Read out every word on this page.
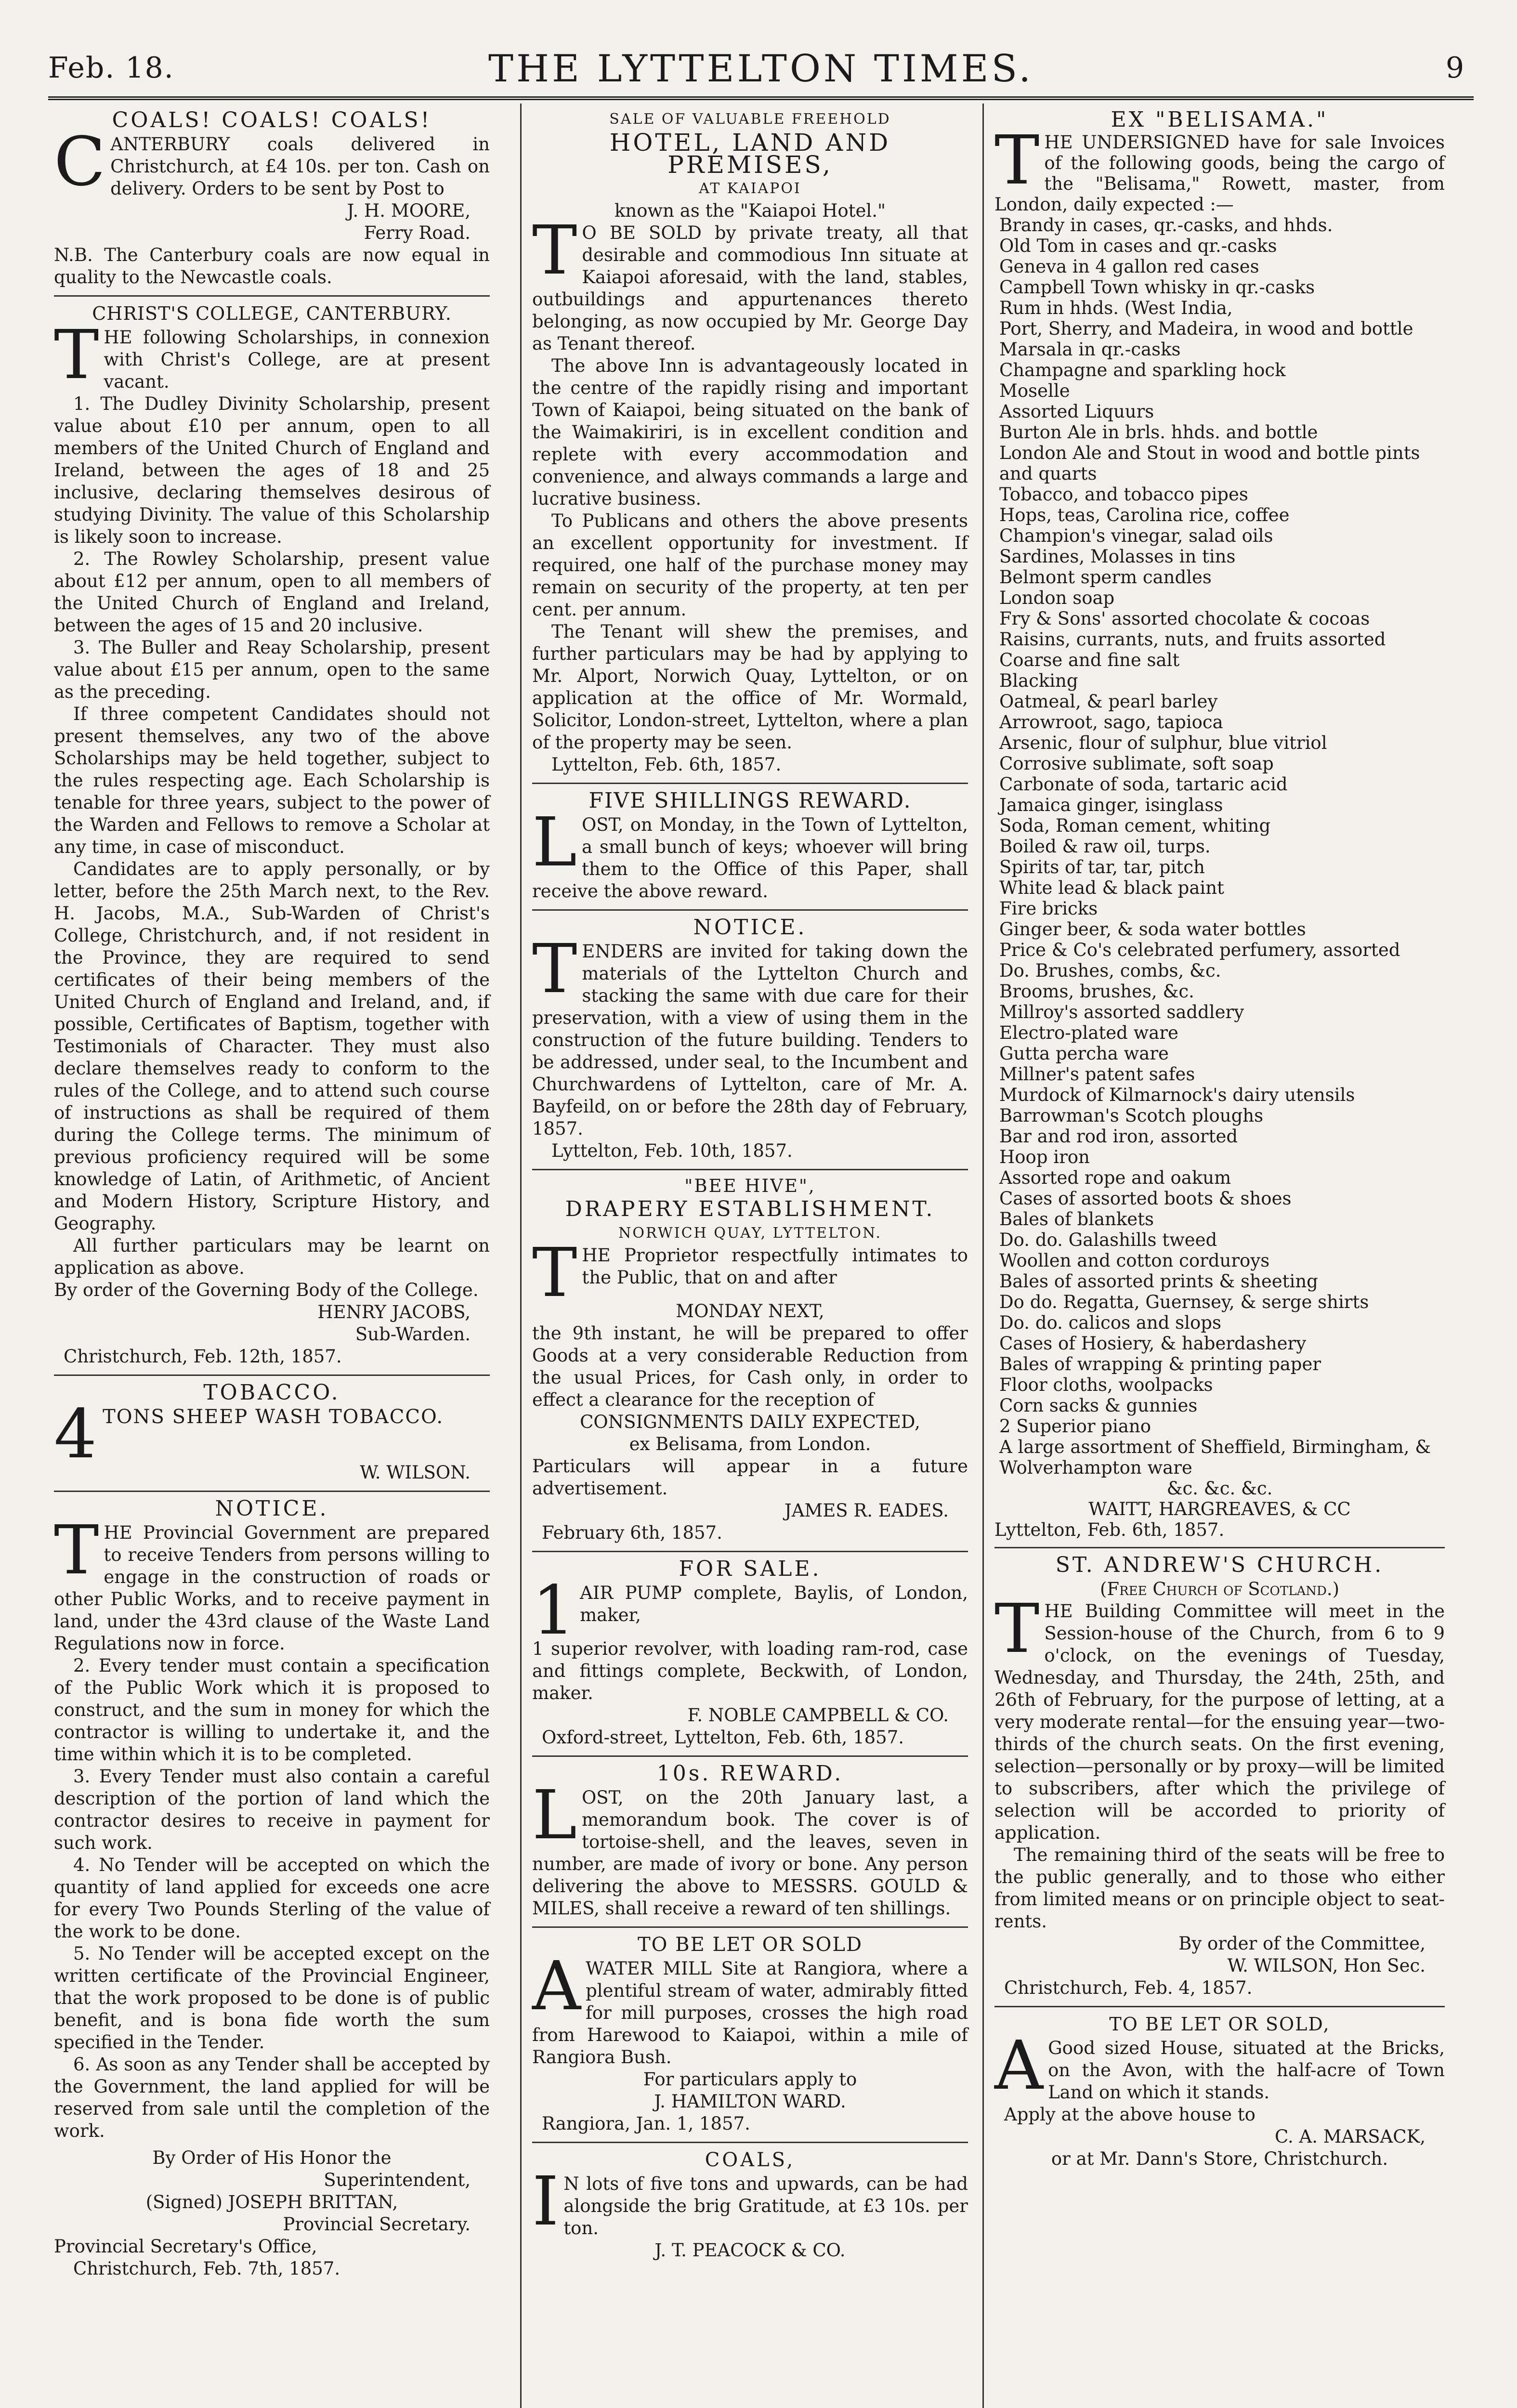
Feb. 18.	THE LYTTELTON TIMES.	9
COALS! COALS! COALS!

CANTERBURY coals delivered in Christchurch, at £4 10s. per ton. Cash on delivery. Orders to be sent by Post to

J. H. MOORE,
Ferry Road.

N.B. The Canterbury coals are now equal in quality to the Newcastle coals.

CHRIST'S COLLEGE, CANTERBURY.

THE following Scholarships, in connexion with Christ's College, are at present vacant.

1. The Dudley Divinity Scholarship, present value about £10 per annum, open to all members of the United Church of England and Ireland, between the ages of 18 and 25 inclusive, declaring themselves desirous of studying Divinity. The value of this Scholarship is likely soon to increase.

2. The Rowley Scholarship, present value about £12 per annum, open to all members of the United Church of England and Ireland, between the ages of 15 and 20 inclusive.

3. The Buller and Reay Scholarship, present value about £15 per annum, open to the same as the preceding.

If three competent Candidates should not present themselves, any two of the above Scholarships may be held together, subject to the rules respecting age. Each Scholarship is tenable for three years, subject to the power of the Warden and Fellows to remove a Scholar at any time, in case of misconduct.

Candidates are to apply personally, or by letter, before the 25th March next, to the Rev. H. Jacobs, M.A., Sub-Warden of Christ's College, Christchurch, and, if not resident in the Province, they are required to send certificates of their being members of the United Church of England and Ireland, and, if possible, Certificates of Baptism, together with Testimonials of Character. They must also declare themselves ready to conform to the rules of the College, and to attend such course of instructions as shall be required of them during the College terms. The minimum of previous proficiency required will be some knowledge of Latin, of Arithmetic, of Ancient and Modern History, Scripture History, and Geography.

All further particulars may be learnt on application as above.

By order of the Governing Body of the College.

HENRY JACOBS,
Sub-Warden.
Christchurch, Feb. 12th, 1857.
TOBACCO.

4TONS SHEEP WASH TOBACCO.

W. WILSON.
NOTICE.

THE Provincial Government are prepared to receive Tenders from persons willing to engage in the construction of roads or other Public Works, and to receive payment in land, under the 43rd clause of the Waste Land Regulations now in force.

2. Every tender must contain a specification of the Public Work which it is proposed to construct, and the sum in money for which the contractor is willing to undertake it, and the time within which it is to be completed.

3. Every Tender must also contain a careful description of the portion of land which the contractor desires to receive in payment for such work.

4. No Tender will be accepted on which the quantity of land applied for exceeds one acre for every Two Pounds Sterling of the value of the work to be done.

5. No Tender will be accepted except on the written certificate of the Provincial Engineer, that the work proposed to be done is of public benefit, and is bona fide worth the sum specified in the Tender.

6. As soon as any Tender shall be accepted by the Government, the land applied for will be reserved from sale until the completion of the work.

By Order of His Honor the
Superintendent,
(Signed) JOSEPH BRITTAN,
Provincial Secretary.
Provincial Secretary's Office,
Christchurch, Feb. 7th, 1857.
SALE OF VALUABLE FREEHOLD
HOTEL, LAND AND PREMISES,
AT KAIAPOI
known as the "Kaiapoi Hotel."

TO BE SOLD by private treaty, all that desirable and commodious Inn situate at Kaiapoi aforesaid, with the land, stables, outbuildings and appurtenances thereto belonging, as now occupied by Mr. George Day as Tenant thereof.

The above Inn is advantageously located in the centre of the rapidly rising and important Town of Kaiapoi, being situated on the bank of the Waimakiriri, is in excellent condition and replete with every accommodation and convenience, and always commands a large and lucrative business.

To Publicans and others the above presents an excellent opportunity for investment. If required, one half of the purchase money may remain on security of the property, at ten per cent. per annum.

The Tenant will shew the premises, and further particulars may be had by applying to Mr. Alport, Norwich Quay, Lyttelton, or on application at the office of Mr. Wormald, Solicitor, London-street, Lyttelton, where a plan of the property may be seen.

Lyttelton, Feb. 6th, 1857.
FIVE SHILLINGS REWARD.

LOST, on Monday, in the Town of Lyttelton, a small bunch of keys; whoever will bring them to the Office of this Paper, shall receive the above reward.

NOTICE.

TENDERS are invited for taking down the materials of the Lyttelton Church and stacking the same with due care for their preservation, with a view of using them in the construction of the future building. Tenders to be addressed, under seal, to the Incumbent and Churchwardens of Lyttelton, care of Mr. A. Bayfeild, on or before the 28th day of February, 1857.

Lyttelton, Feb. 10th, 1857.
"BEE HIVE",
DRAPERY ESTABLISHMENT.
NORWICH QUAY, LYTTELTON.

THE Proprietor respectfully intimates to the Public, that on and after

MONDAY NEXT,

the 9th instant, he will be prepared to offer Goods at a very considerable Reduction from the usual Prices, for Cash only, in order to effect a clearance for the reception of

CONSIGNMENTS DAILY EXPECTED,
ex Belisama, from London.

Particulars will appear in a future advertisement.

JAMES R. EADES.
February 6th, 1857.
FOR SALE.

1AIR PUMP complete, Baylis, of London, maker,

1 superior revolver, with loading ram-rod, case and fittings complete, Beckwith, of London, maker.

F. NOBLE CAMPBELL & CO.
Oxford-street, Lyttelton, Feb. 6th, 1857.
10s. REWARD.

LOST, on the 20th January last, a memorandum book. The cover is of tortoise-shell, and the leaves, seven in number, are made of ivory or bone. Any person delivering the above to MESSRS. GOULD & MILES, shall receive a reward of ten shillings.

TO BE LET OR SOLD

AWATER MILL Site at Rangiora, where a plentiful stream of water, admirably fitted for mill purposes, crosses the high road from Harewood to Kaiapoi, within a mile of Rangiora Bush.

For particulars apply to
J. HAMILTON WARD.
Rangiora, Jan. 1, 1857.
COALS,

IN lots of five tons and upwards, can be had alongside the brig Gratitude, at £3 10s. per ton.

J. T. PEACOCK & CO.
EX "BELISAMA."

THE UNDERSIGNED have for sale Invoices of the following goods, being the cargo of the "Belisama," Rowett, master, from London, daily expected :—

Brandy in cases, qr.-casks, and hhds.
Old Tom in cases and qr.-casks
Geneva in 4 gallon red cases
Campbell Town whisky in qr.-casks
Rum in hhds. (West India,
Port, Sherry, and Madeira, in wood and bottle
Marsala in qr.-casks
Champagne and sparkling hock
Moselle
Assorted Liquurs
Burton Ale in brls. hhds. and bottle
London Ale and Stout in wood and bottle pints and quarts
Tobacco, and tobacco pipes
Hops, teas, Carolina rice, coffee
Champion's vinegar, salad oils
Sardines, Molasses in tins
Belmont sperm candles
London soap
Fry & Sons' assorted chocolate & cocoas
Raisins, currants, nuts, and fruits assorted
Coarse and fine salt
Blacking
Oatmeal, & pearl barley
Arrowroot, sago, tapioca
Arsenic, flour of sulphur, blue vitriol
Corrosive sublimate, soft soap
Carbonate of soda, tartaric acid
Jamaica ginger, isinglass
Soda, Roman cement, whiting
Boiled & raw oil, turps.
Spirits of tar, tar, pitch
White lead & black paint
Fire bricks
Ginger beer, & soda water bottles
Price & Co's celebrated perfumery, assorted
Do. Brushes, combs, &c.
Brooms, brushes, &c.
Millroy's assorted saddlery
Electro-plated ware
Gutta percha ware
Millner's patent safes
Murdock of Kilmarnock's dairy utensils
Barrowman's Scotch ploughs
Bar and rod iron, assorted
Hoop iron
Assorted rope and oakum
Cases of assorted boots & shoes
Bales of blankets
Do. do. Galashills tweed
Woollen and cotton corduroys
Bales of assorted prints & sheeting
Do do. Regatta, Guernsey, & serge shirts
Do. do. calicos and slops
Cases of Hosiery, & haberdashery
Bales of wrapping & printing paper
Floor cloths, woolpacks
Corn sacks & gunnies
2 Superior piano
A large assortment of Sheffield, Birmingham, & Wolverhampton ware
&c. &c. &c.
WAITT, HARGREAVES, & CC
Lyttelton, Feb. 6th, 1857.
ST. ANDREW'S CHURCH.
(Free Church of Scotland.)

THE Building Committee will meet in the Session-house of the Church, from 6 to 9 o'clock, on the evenings of Tuesday, Wednesday, and Thursday, the 24th, 25th, and 26th of February, for the purpose of letting, at a very moderate rental—for the ensuing year—two-thirds of the church seats. On the first evening, selection—personally or by proxy—will be limited to subscribers, after which the privilege of selection will be accorded to priority of application.

The remaining third of the seats will be free to the public generally, and to those who either from limited means or on principle object to seat-rents.

By order of the Committee,
W. WILSON, Hon Sec.
Christchurch, Feb. 4, 1857.
TO BE LET OR SOLD,

AGood sized House, situated at the Bricks, on the Avon, with the half-acre of Town Land on which it stands.

Apply at the above house to
C. A. MARSACK,
or at Mr. Dann's Store, Christchurch.
